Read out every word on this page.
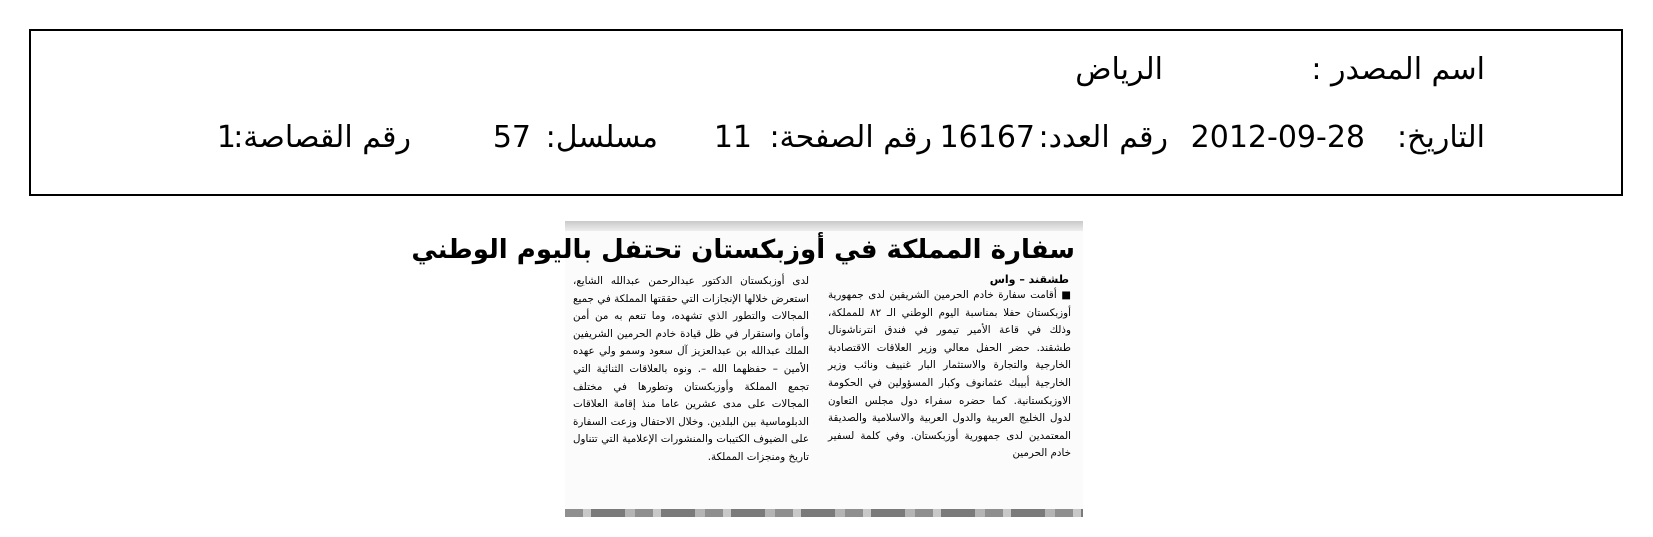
اسم المصدر :
الرياض
التاريخ:
2012-09-28
رقم العدد:
16167
رقم الصفحة:
11
مسلسل:
57
رقم القصاصة:
1
سفارة المملكة في أوزبكستان تحتفل باليوم الوطني
طشقند – واس
■ أقامت سفارة خادم الحرمين الشريفين لدى جمهورية أوزبكستان حفلا بمناسبة اليوم الوطني الـ ٨٢ للمملكة، وذلك في قاعة الأمير تيمور في فندق انترناشونال طشقند. حضر الحفل معالي وزير العلاقات الاقتصادية الخارجية والتجارة والاستثمار البار غنييف ونائب وزير الخارجية أبيبك عثمانوف وكبار المسؤولين في الحكومة الاوزبكستانية. كما حضره سفراء دول مجلس التعاون لدول الخليج العربية والدول العربية والاسلامية والصديقة المعتمدين لدى جمهورية أوزبكستان. وفي كلمة لسفير خادم الحرمين
لدى أوزبكستان الدكتور عبدالرحمن عبدالله الشايع، استعرض خلالها الإنجازات التي حققتها المملكة في جميع المجالات والتطور الذي تشهده، وما تنعم به من أمن وأمان واستقرار في ظل قيادة خادم الحرمين الشريفين الملك عبدالله بن عبدالعزيز آل سعود وسمو ولي عهده الأمين – حفظهما الله –. ونوه بالعلاقات الثنائية التي تجمع المملكة وأوزبكستان وتطورها في مختلف المجالات على مدى عشرين عاما منذ إقامة العلاقات الدبلوماسية بين البلدين. وخلال الاحتفال وزعت السفارة على الضيوف الكتيبات والمنشورات الإعلامية التي تتناول تاريخ ومنجزات المملكة.
